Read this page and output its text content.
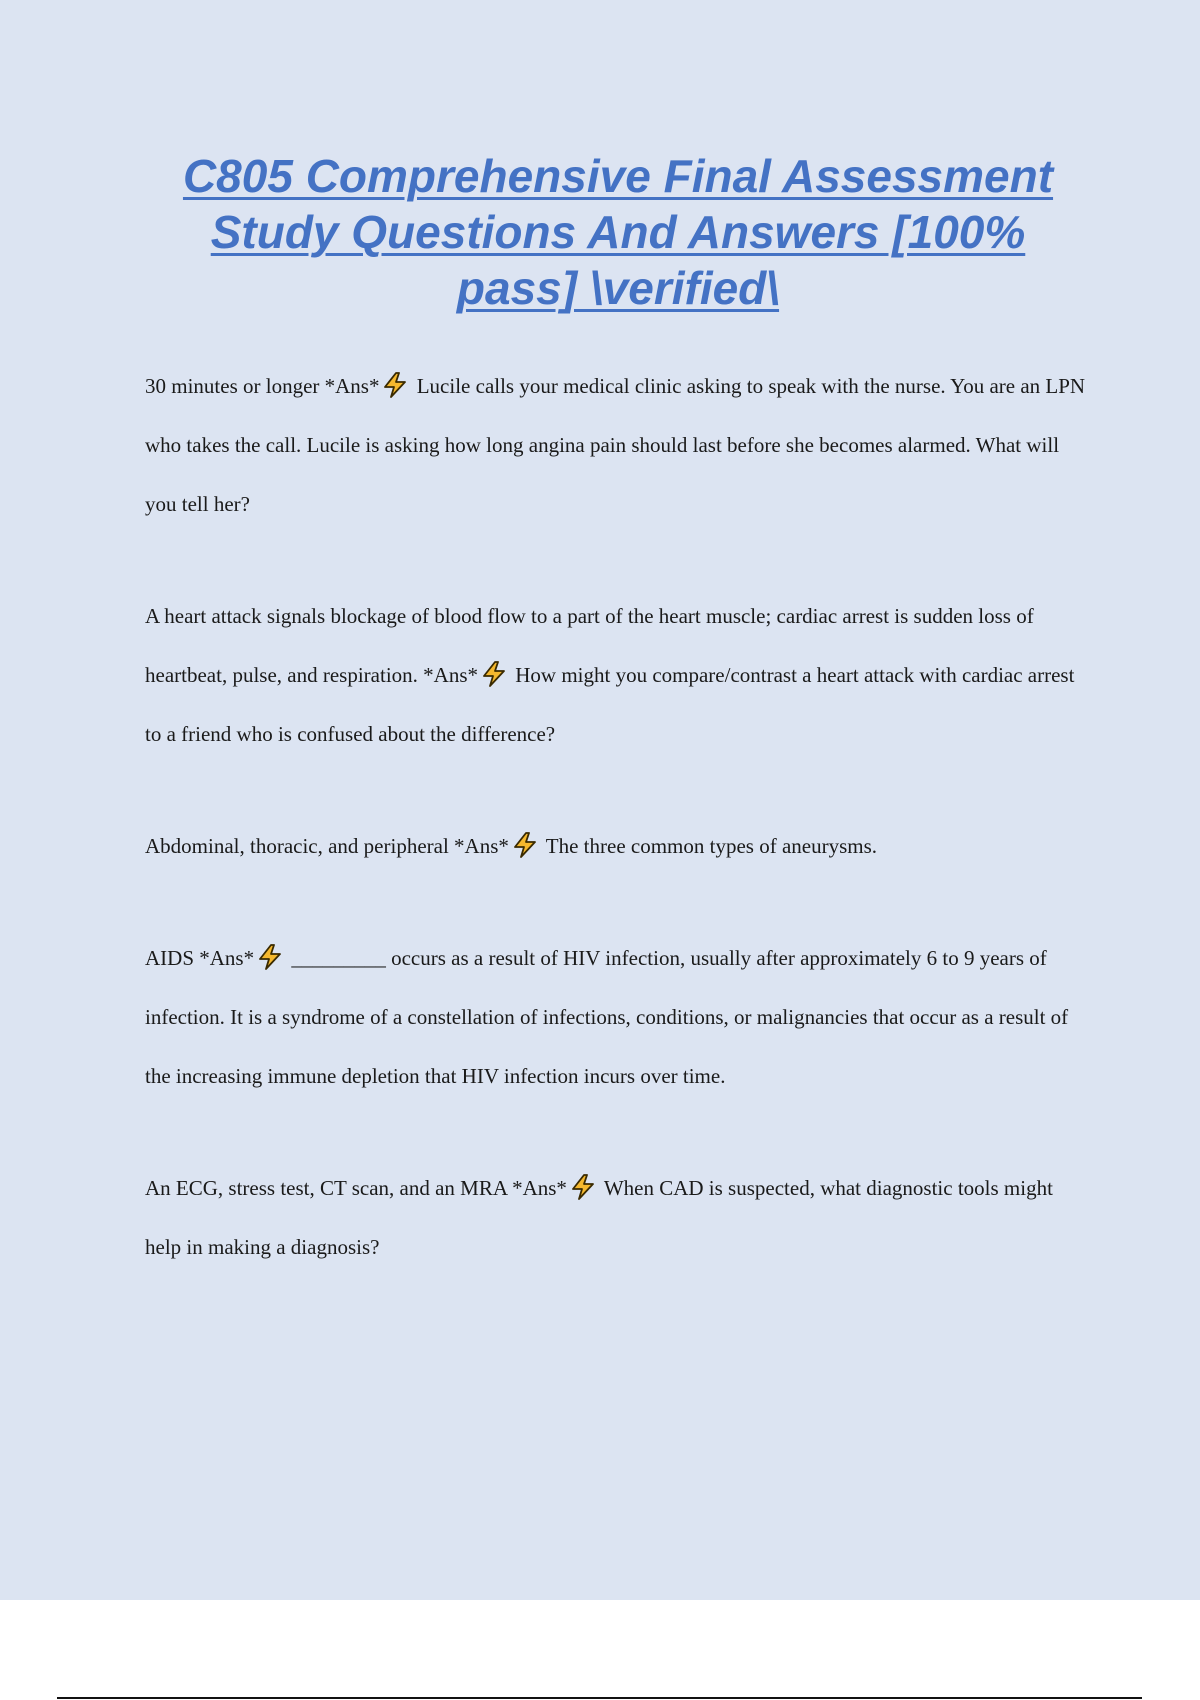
C805 Comprehensive Final Assessment Study Questions And Answers [100% pass] \verified\

30 minutes or longer *Ans* Lucile calls your medical clinic asking to speak with the nurse. You are an LPN who takes the call. Lucile is asking how long angina pain should last before she becomes alarmed. What will you tell her?

A heart attack signals blockage of blood flow to a part of the heart muscle; cardiac arrest is sudden loss of heartbeat, pulse, and respiration. *Ans* How might you compare/contrast a heart attack with cardiac arrest to a friend who is confused about the difference?

Abdominal, thoracic, and peripheral *Ans* The three common types of aneurysms.

AIDS *Ans* _________ occurs as a result of HIV infection, usually after approximately 6 to 9 years of infection. It is a syndrome of a constellation of infections, conditions, or malignancies that occur as a result of the increasing immune depletion that HIV infection incurs over time.

An ECG, stress test, CT scan, and an MRA *Ans* When CAD is suspected, what diagnostic tools might help in making a diagnosis?
